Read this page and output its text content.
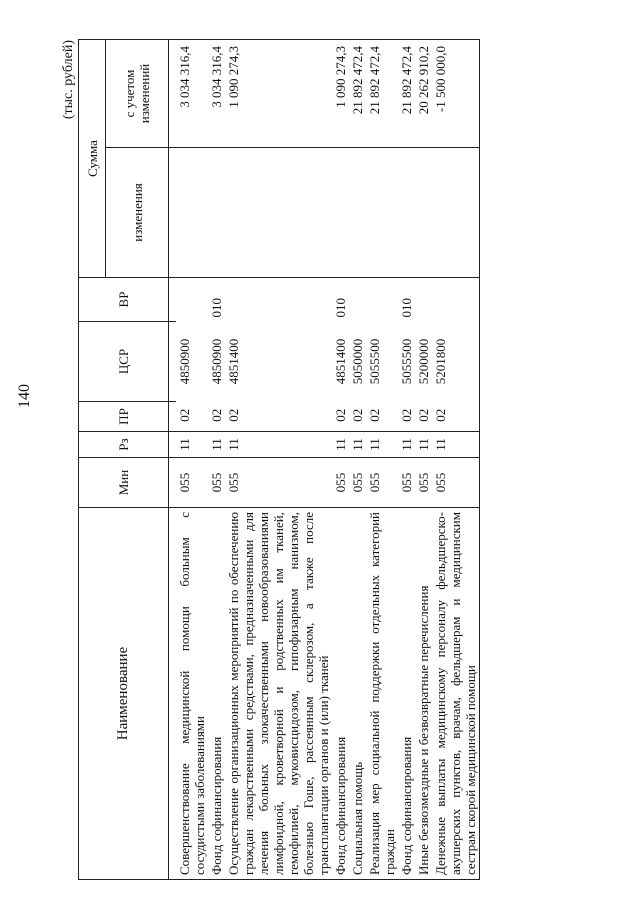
140
(тыс. рублей)
Наименование	Мин	Рз	ПР	ЦСР	ВР	Сумма	
						изменения	с учетом изменений

Совершенствование медицинской помощи больным с сосудистыми заболеваниями	055	11	02	4850900			3 034 316,4
Фонд софинансирования	055	11	02	4850900	010		3 034 316,4
Осуществление организационных мероприятий по обеспечению граждан лекарственными средствами, предназначенными для лечения больных злокачественными новообразованиями лимфоидной, кроветворной и родственных им тканей, гемофилией, муковисцидозом, гипофизарным нанизмом, болезнью Гоше, рассеянным склерозом, а также после трансплантации органов и (или) тканей	055	11	02	4851400			1 090 274,3
Фонд софинансирования	055	11	02	4851400	010		1 090 274,3
Социальная помощь	055	11	02	5050000			21 892 472,4
Реализация мер социальной поддержки отдельных категорий граждан	055	11	02	5055500			21 892 472,4
Фонд софинансирования	055	11	02	5055500	010		21 892 472,4
Иные безвозмездные и безвозвратные перечисления	055	11	02	5200000			20 262 910,2
Денежные выплаты медицинскому персоналу фельдшерско-акушерских пунктов, врачам, фельдшерам и медицинским сестрам скорой медицинской помощи	055	11	02	5201800			-1 500 000,0
